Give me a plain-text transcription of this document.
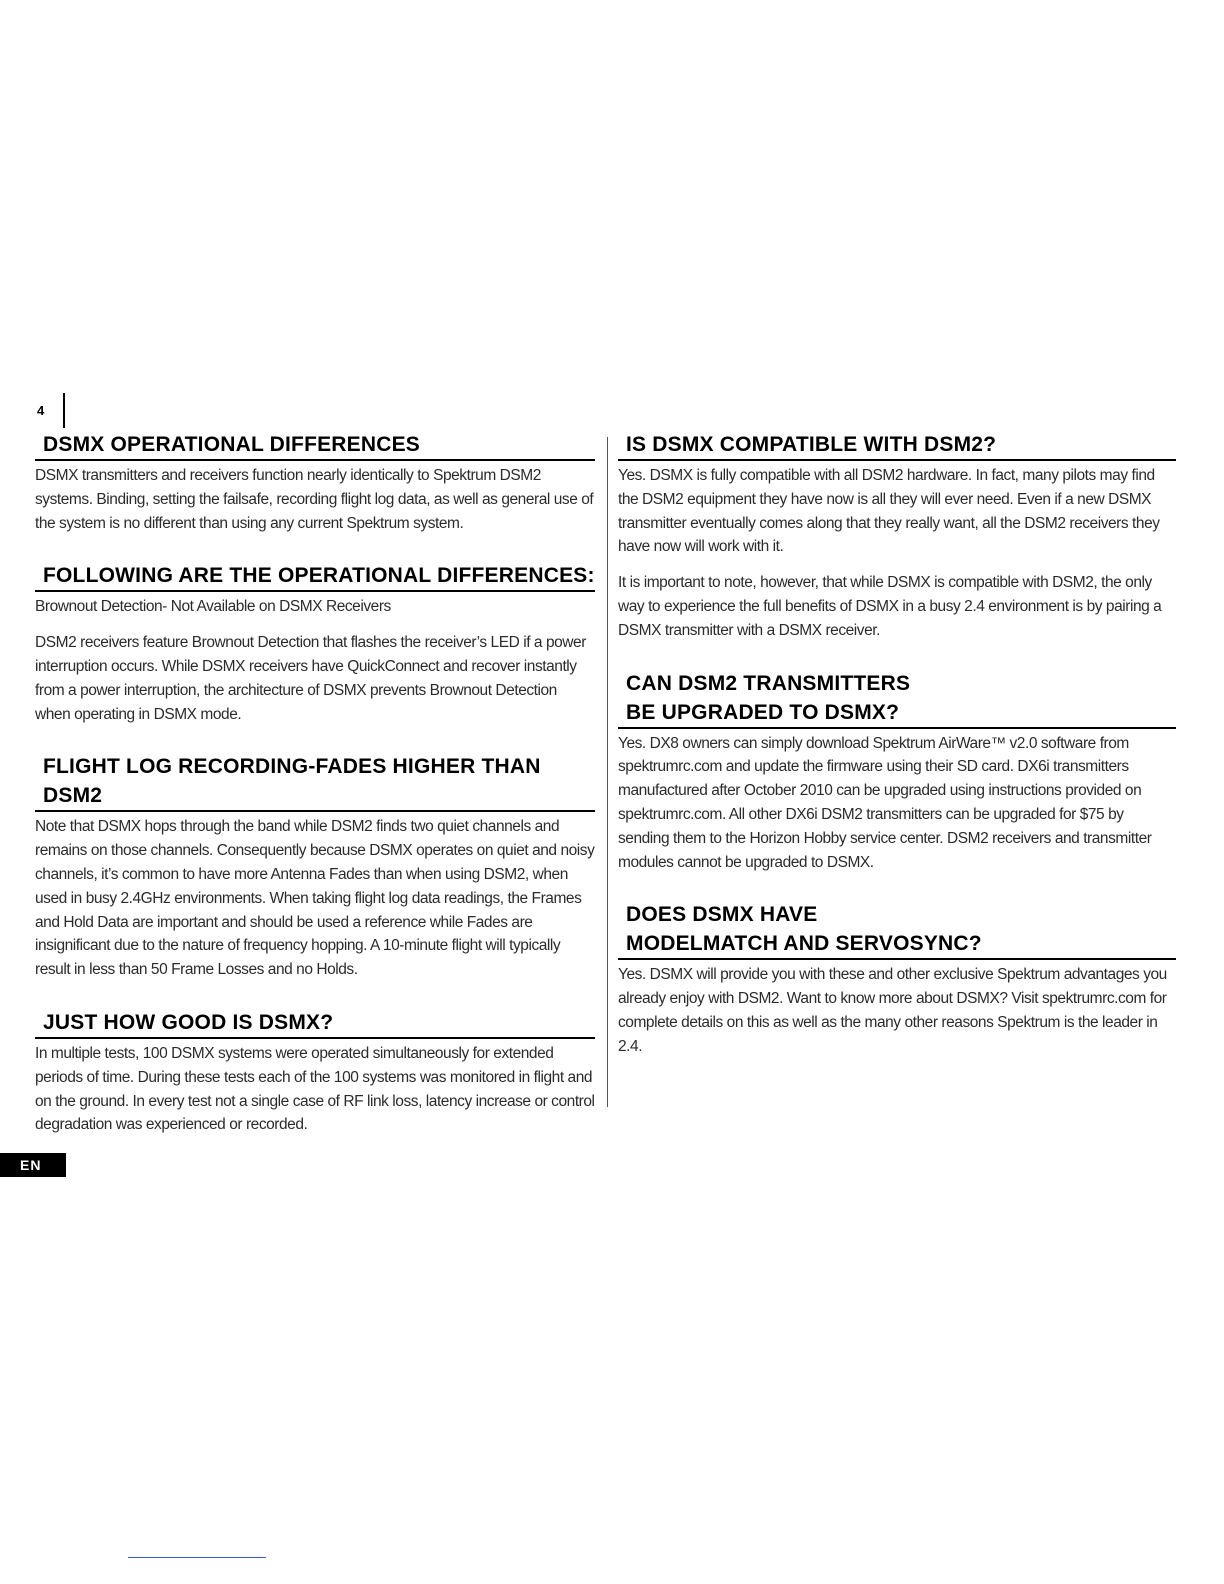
4
EN
DSMX OPERATIONAL DIFFERENCES

DSMX transmitters and receivers function nearly identically to Spektrum DSM2 systems. Binding, setting the failsafe, recording flight log data, as well as general use of the system is no different than using any current Spektrum system.

FOLLOWING ARE THE OPERATIONAL DIFFERENCES:

Brownout Detection- Not Available on DSMX Receivers

DSM2 receivers feature Brownout Detection that flashes the receiver’s LED if a power interruption occurs. While DSMX receivers have QuickConnect and recover instantly from a power interruption, the architecture of DSMX prevents Brownout Detection when operating in DSMX mode.

FLIGHT LOG RECORDING-FADES HIGHER THAN DSM2

Note that DSMX hops through the band while DSM2 finds two quiet channels and remains on those channels. Consequently because DSMX operates on quiet and noisy channels, it’s common to have more Antenna Fades than when using DSM2, when used in busy 2.4GHz environments. When taking flight log data readings, the Frames and Hold Data are important and should be used a reference while Fades are insignificant due to the nature of frequency hopping. A 10-minute flight will typically result in less than 50 Frame Losses and no Holds.

JUST HOW GOOD IS DSMX?

In multiple tests, 100 DSMX systems were operated simultaneously for extended periods of time. During these tests each of the 100 systems was monitored in flight and on the ground. In every test not a single case of RF link loss, latency increase or control degradation was experienced or recorded.

IS DSMX COMPATIBLE WITH DSM2?

Yes. DSMX is fully compatible with all DSM2 hardware. In fact, many pilots may find the DSM2 equipment they have now is all they will ever need. Even if a new DSMX transmitter eventually comes along that they really want, all the DSM2 receivers they have now will work with it.

It is important to note, however, that while DSMX is compatible with DSM2, the only way to experience the full benefits of DSMX in a busy 2.4 environment is by pairing a DSMX transmitter with a DSMX receiver.

CAN DSM2 TRANSMITTERS
BE UPGRADED TO DSMX?

Yes. DX8 owners can simply download Spektrum AirWare™ v2.0 software from spektrumrc.com and update the firmware using their SD card. DX6i transmitters manufactured after October 2010 can be upgraded using instructions provided on spektrumrc.com. All other DX6i DSM2 transmitters can be upgraded for $75 by sending them to the Horizon Hobby service center. DSM2 receivers and transmitter modules cannot be upgraded to DSMX.

DOES DSMX HAVE
MODELMATCH AND SERVOSYNC?

Yes. DSMX will provide you with these and other exclusive Spektrum advantages you already enjoy with DSM2. Want to know more about DSMX? Visit spektrumrc.com for complete details on this as well as the many other reasons Spektrum is the leader in 2.4.
